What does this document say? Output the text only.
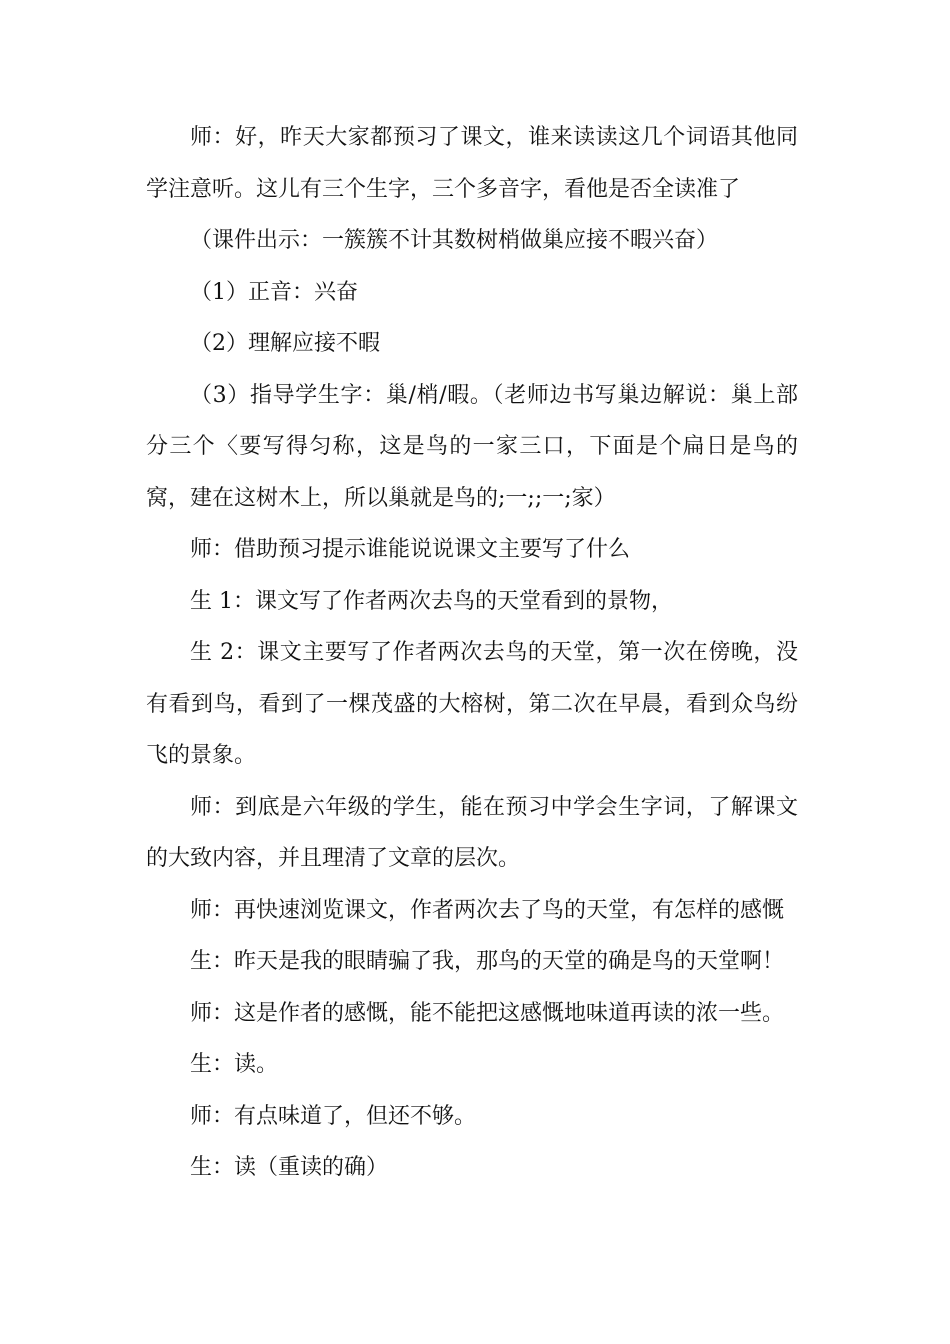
师：好，昨天大家都预习了课文，谁来读读这几个词语其他同学注意听。这儿有三个生字，三个多音字，看他是否全读准了

（课件出示：一簇簇不计其数树梢做巢应接不暇兴奋）

（1）正音：兴奋

（2）理解应接不暇

（3）指导学生字：巢/梢/暇。（老师边书写巢边解说：巢上部分三个〈要写得匀称，这是鸟的一家三口，下面是个扁日是鸟的窝，建在这树木上，所以巢就是鸟的;一;;一;家）

师：借助预习提示谁能说说课文主要写了什么

生 1：课文写了作者两次去鸟的天堂看到的景物，

生 2：课文主要写了作者两次去鸟的天堂，第一次在傍晚，没有看到鸟，看到了一棵茂盛的大榕树，第二次在早晨，看到众鸟纷飞的景象。

师：到底是六年级的学生，能在预习中学会生字词，了解课文的大致内容，并且理清了文章的层次。

师：再快速浏览课文，作者两次去了鸟的天堂，有怎样的感慨

生：昨天是我的眼睛骗了我，那鸟的天堂的确是鸟的天堂啊！

师：这是作者的感慨，能不能把这感慨地味道再读的浓一些。

生：读。

师：有点味道了，但还不够。

生：读（重读的确）
